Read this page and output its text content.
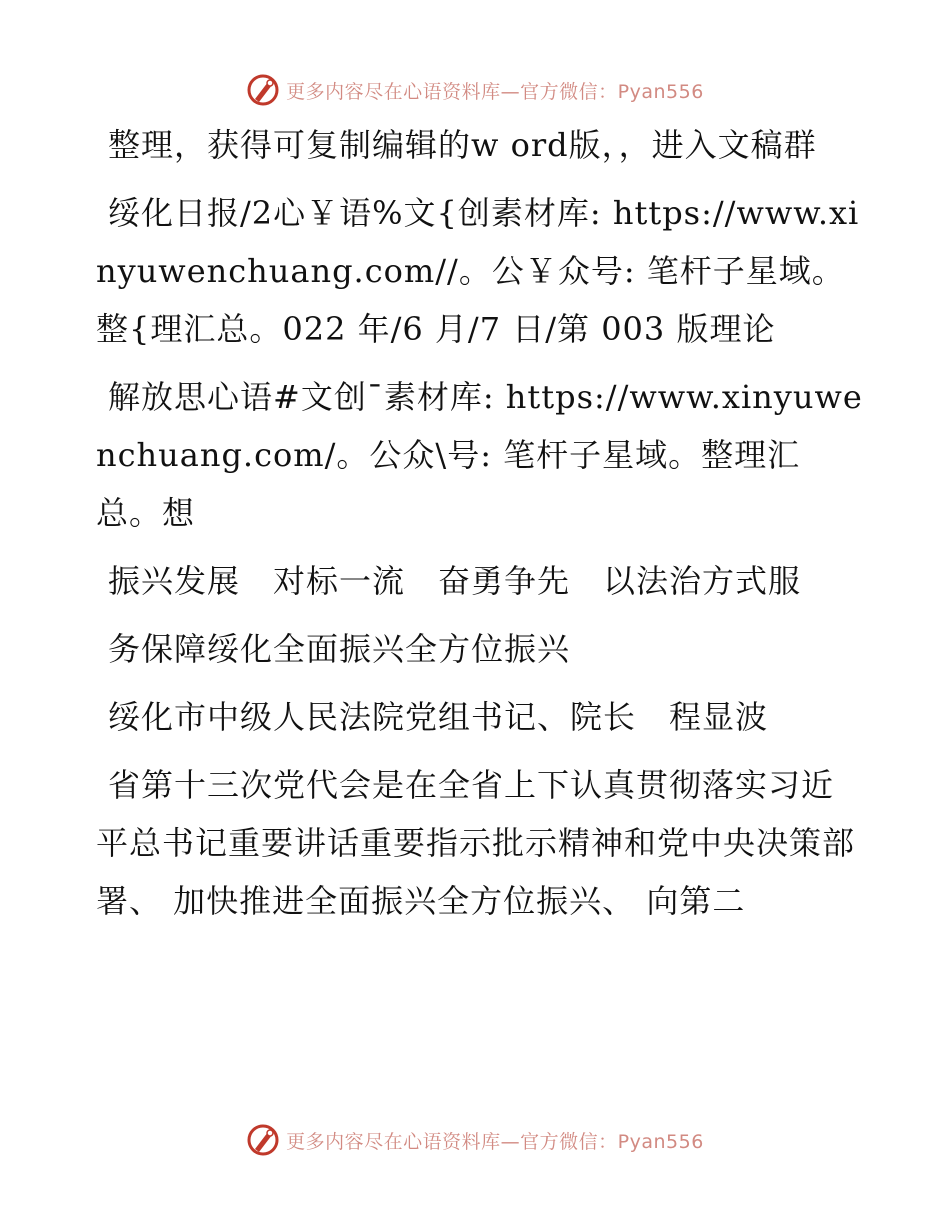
更多内容尽在心语资料库—官方微信：Pyan556

整理，获得可复制编辑的w ord版，，进入文稿群

绥化日报/2心￥语%文{创素材库: https://www.xinyuwenchuang.com//。公￥众号: 笔杆子星域。整{理汇总。022 年/6 月/7 日/第 003 版理论

解放思心语#文创¯素材库: https://www.xinyuwenchuang.com/。公众\号: 笔杆子星域。整理汇总。想

振兴发展　对标一流　奋勇争先　以法治方式服

务保障绥化全面振兴全方位振兴

绥化市中级人民法院党组书记、院长　程显波

省第十三次党代会是在全省上下认真贯彻落实习近平总书记重要讲话重要指示批示精神和党中央决策部署、 加快推进全面振兴全方位振兴、 向第二

更多内容尽在心语资料库—官方微信：Pyan556
